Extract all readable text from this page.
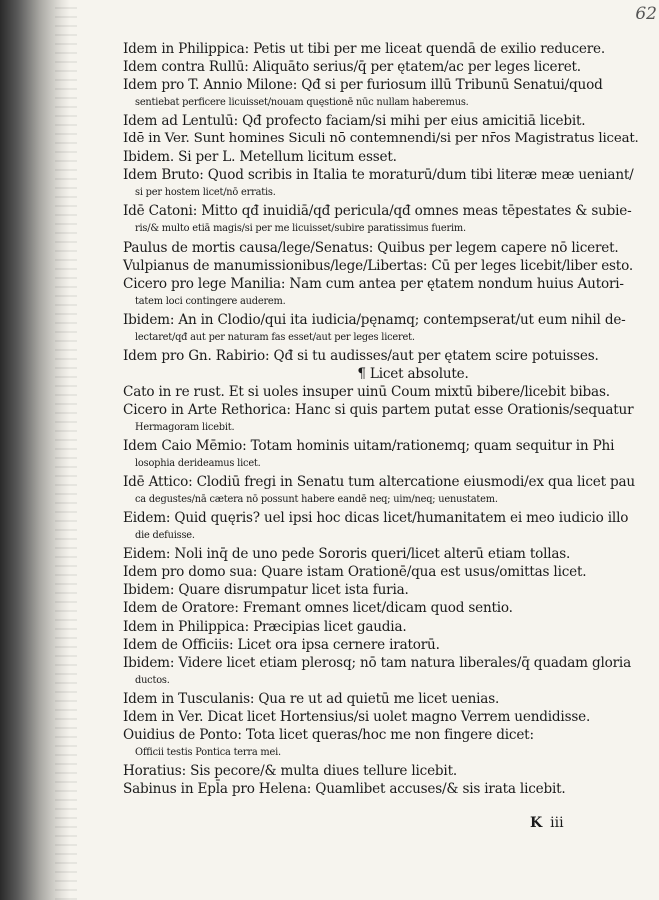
62
Idem in Philippica: Petis ut tibi per me liceat quendā de exilio reducere.
Idem contra Rullū: Aliquāto serius/q̄ per ętatem/ac per leges liceret.
Idem pro T. Annio Milone: Qđ si per furiosum illū Tribunū Senatui/quod
sentiebat perficere licuisset/nouam quęstionē nūc nullam haberemus.
Idem ad Lentulū: Qđ profecto faciam/si mihi per eius amicitiā licebit.
Idē in Ver. Sunt homines Siculi nō contemnendi/si per nr̄os Magistratus liceat.
Ibidem. Si per L. Metellum licitum esset.
Idem Bruto: Quod scribis in Italia te moraturū/dum tibi literæ meæ ueniant/
si per hostem licet/nō erratis.
Idē Catoni: Mitto qđ inuidiā/qđ pericula/qđ omnes meas tēpestates & subie-
ris/& multo etiā magis/si per me licuisset/subire paratissimus fuerim.
Paulus de mortis causa/lege/Senatus: Quibus per legem capere nō liceret.
Vulpianus de manumissionibus/lege/Libertas: Cū per leges licebit/liber esto.
Cicero pro lege Manilia: Nam cum antea per ętatem nondum huius Autori-
tatem loci contingere auderem.
Ibidem: An in Clodio/qui ita iudicia/pęnamq; contempserat/ut eum nihil de-
lectaret/qđ aut per naturam fas esset/aut per leges liceret.
Idem pro Gn. Rabirio: Qđ si tu audisses/aut per ętatem scire potuisses.
¶ Licet absolute.
Cato in re rust. Et si uoles insuper uinū Coum mixtū bibere/licebit bibas.
Cicero in Arte Rethorica: Hanc si quis partem putat esse Orationis/sequatur
Hermagoram licebit.
Idem Caio Mēmio: Totam hominis uitam/rationemq; quam sequitur in Phi
losophia derideamus licet.
Idē Attico: Clodiū fregi in Senatu tum altercatione eiusmodi/ex qua licet pau
ca degustes/nā cætera nō possunt habere eandē neq; uim/neq; uenustatem.
Eidem: Quid quęris? uel ipsi hoc dicas licet/humanitatem ei meo iudicio illo
die defuisse.
Eidem: Noli inq̄ de uno pede Sororis queri/licet alterū etiam tollas.
Idem pro domo sua: Quare istam Orationē/qua est usus/omittas licet.
Ibidem: Quare disrumpatur licet ista furia.
Idem de Oratore: Fremant omnes licet/dicam quod sentio.
Idem in Philippica: Præcipias licet gaudia.
Idem de Officiis: Licet ora ipsa cernere iratorū.
Ibidem: Videre licet etiam plerosq; nō tam natura liberales/q̄ quadam gloria
ductos.
Idem in Tusculanis: Qua re ut ad quietū me licet uenias.
Idem in Ver. Dicat licet Hortensius/si uolet magno Verrem uendidisse.
Ouidius de Ponto: Tota licet queras/hoc me non fingere dicet:
Officii testis Pontica terra mei.
Horatius: Sis pecore/& multa diues tellure licebit.
Sabinus in Epl̄a pro Helena: Quamlibet accuses/& sis irata licebit.
K iii
